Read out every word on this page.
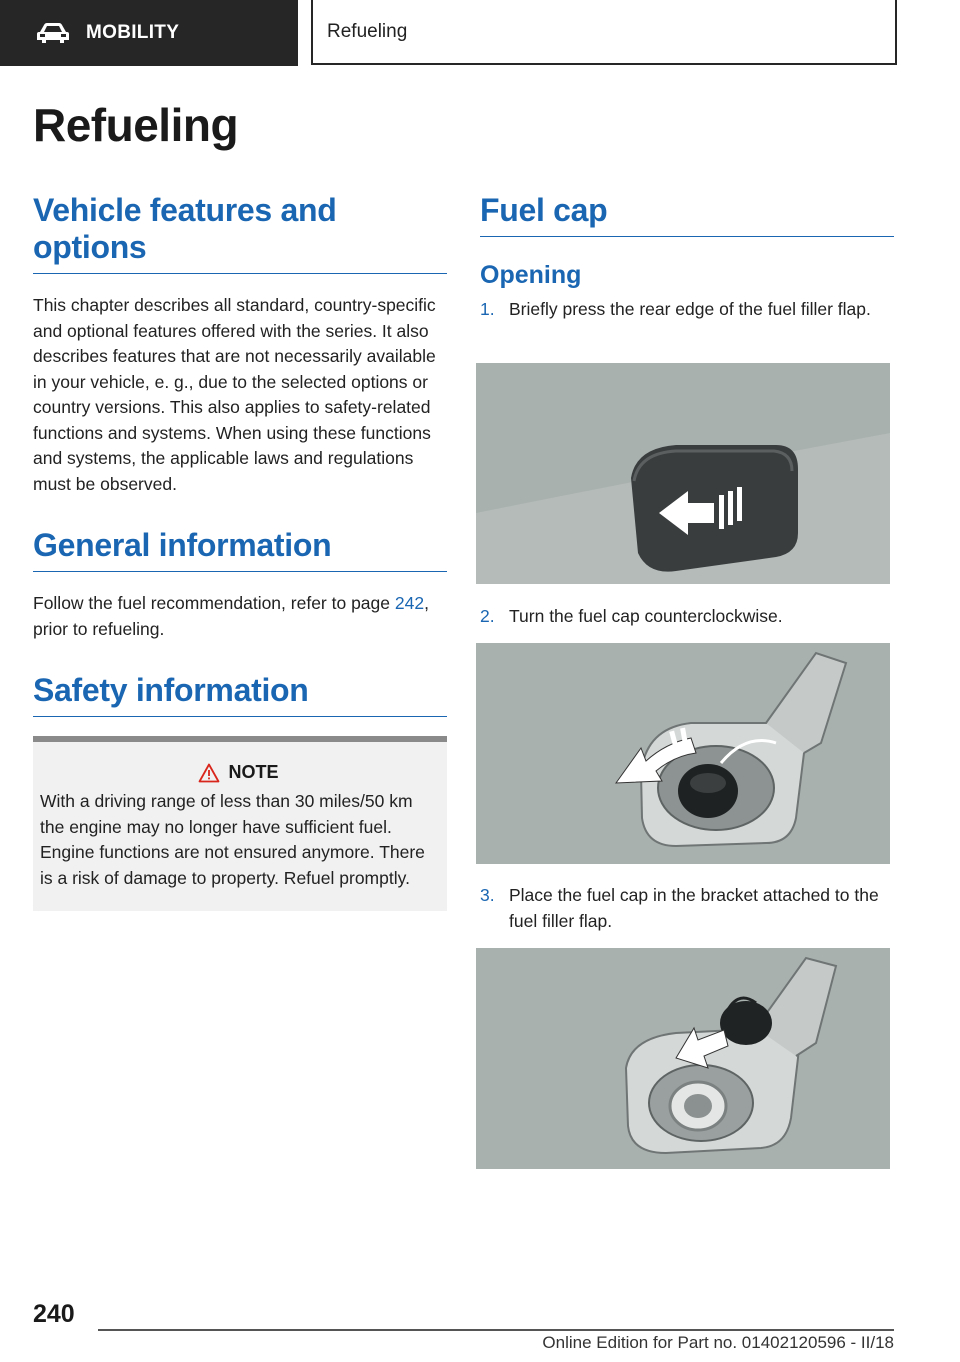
MOBILITY	Refueling
Refueling
Vehicle features and options

This chapter describes all standard, country-specific and optional features offered with the series. It also describes features that are not necessarily available in your vehicle, e. g., due to the selected options or country versions. This also applies to safety-related functions and systems. When using these functions and systems, the applicable laws and regulations must be observed.

General information

Follow the fuel recommendation, refer to page 242, prior to refueling.

Safety information
NOTE

With a driving range of less than 30 miles/50 km the engine may no longer have sufficient fuel. Engine functions are not ensured anymore. There is a risk of damage to property. Refuel promptly.

Fuel cap
Opening
1. Briefly press the rear edge of the fuel filler flap.
2. Turn the fuel cap counterclockwise.
3. Place the fuel cap in the bracket attached to the fuel filler flap.
240
Online Edition for Part no. 01402120596 - II/18
